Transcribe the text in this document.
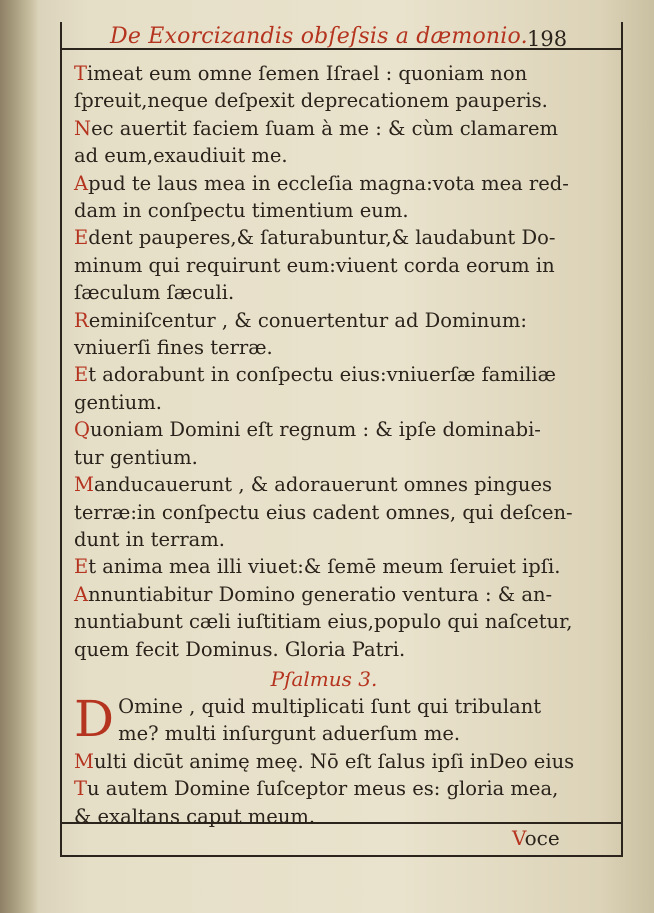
De Exorcizandis obſeſsis a dæmonio. 198
Timeat eum omne ſemen Iſrael : quoniam non

ſpreuit,neque deſpexit deprecationem pauperis.
Nec auertit faciem ſuam à me : & cùm clamarem

ad eum,exaudiuit me.
Apud te laus mea in eccleſia magna:vota mea red-

dam in conſpectu timentium eum.
Edent pauperes,& ſaturabuntur,& laudabunt Do-

minum qui requirunt eum:viuent corda eorum in
ſæculum ſæculi.
Reminiſcentur , & conuertentur ad Dominum:

vniuerſi fines terræ.
Et adorabunt in conſpectu eius:vniuerſæ familiæ

gentium.
Quoniam Domini eſt regnum : & ipſe dominabi-

tur gentium.
Manducauerunt , & adorauerunt omnes pingues

terræ:in conſpectu eius cadent omnes, qui deſcen-
dunt in terram.
Et anima mea illi viuet:& ſemē meum ſeruiet ipſi.
Annuntiabitur Domino generatio ventura : & an-

nuntiabunt cæli iuſtitiam eius,populo qui naſcetur,
quem fecit Dominus. Gloria Patri.
Pſalmus 3.
D Omine , quid multiplicati ſunt qui tribulant

me? multi inſurgunt aduerſum me.
Multi dicūt animę meę. Nō eſt ſalus ipſi inDeo eius
Tu autem Domine ſuſceptor meus es: gloria mea,

& exaltans caput meum.
Voce
